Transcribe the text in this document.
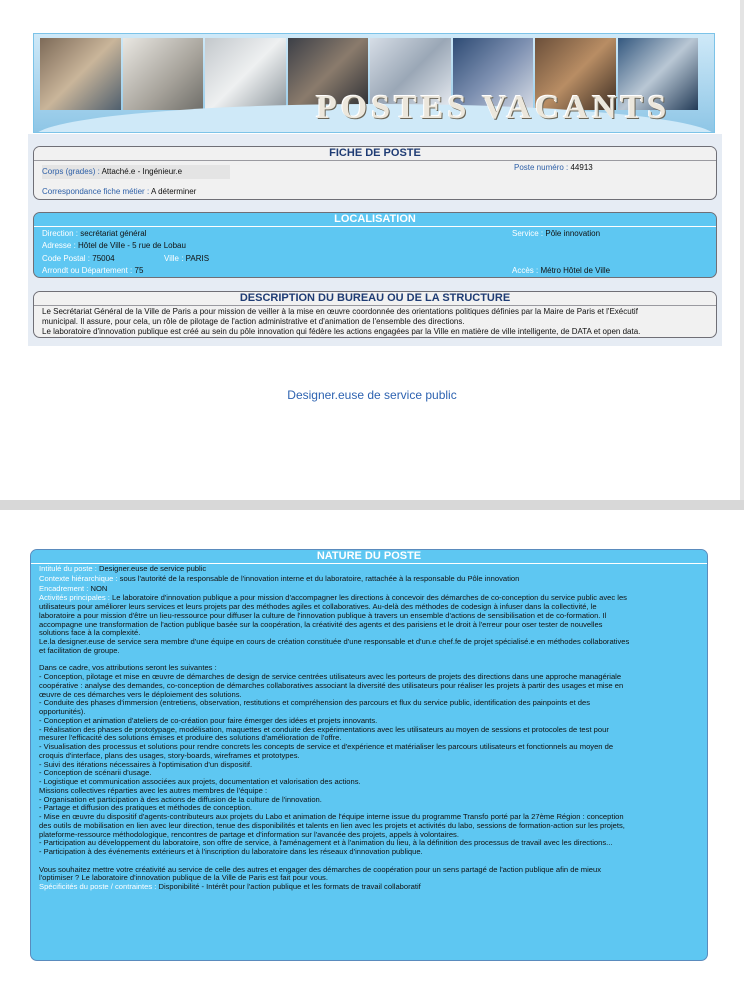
FICHE DE POSTE
Corps (grades) : Attaché.e - Ingénieur.e	Poste numéro : 44913
Correspondance fiche métier : A déterminer
LOCALISATION
Direction : secrétariat général	Service : Pôle innovation
Adresse : Hôtel de Ville - 5 rue de Lobau
Code Postal : 75004	Ville : PARIS
Arrondt ou Département : 75	Accès : Métro Hôtel de Ville
DESCRIPTION DU BUREAU OU DE LA STRUCTURE
Le Secrétariat Général de la Ville de Paris a pour mission de veiller à la mise en œuvre coordonnée des orientations politiques définies par la Maire de Paris et l'Exécutif
municipal. Il assure, pour cela, un rôle de pilotage de l'action administrative et d'animation de l'ensemble des directions.
Le laboratoire d'innovation publique est créé au sein du pôle innovation qui fédère les actions engagées par la Ville en matière de ville intelligente, de DATA et open data.
POSTES VACANTS
Designer.euse de service public
NATURE DU POSTE

Intitulé du poste : Designer.euse de service public

Contexte hiérarchique : sous l'autorité de la responsable de l'innovation interne et du laboratoire, rattachée à la responsable du Pôle innovation

Encadrement : NON

Activités principales : Le laboratoire d'innovation publique a pour mission d'accompagner les directions à concevoir des démarches de co-conception du service public avec les

utilisateurs pour améliorer leurs services et leurs projets par des méthodes agiles et collaboratives. Au-delà des méthodes de codesign à infuser dans la collectivité, le
laboratoire a pour mission d'être un lieu-ressource pour diffuser la culture de l'innovation publique à travers un ensemble d'actions de sensibilisation et de co-formation. Il
accompagne une transformation de l'action publique basée sur la coopération, la créativité des agents et des parisiens et le droit à l'erreur pour oser tester de nouvelles
solutions face à la complexité.
Le.la designer.euse de service sera membre d'une équipe en cours de création constituée d'une responsable et d'un.e chef.fe de projet spécialisé.e en méthodes collaboratives
et facilitation de groupe.

Dans ce cadre, vos attributions seront les suivantes :
- Conception, pilotage et mise en œuvre de démarches de design de service centrées utilisateurs avec les porteurs de projets des directions dans une approche managériale
coopérative : analyse des demandes, co-conception de démarches collaboratives associant la diversité des utilisateurs pour réaliser les projets à partir des usages et mise en
œuvre de ces démarches vers le déploiement des solutions.
- Conduite des phases d'immersion (entretiens, observation, restitutions et compréhension des parcours et flux du service public, identification des painpoints et des
opportunités).
- Conception et animation d'ateliers de co-création pour faire émerger des idées et projets innovants.
- Réalisation des phases de prototypage, modélisation, maquettes et conduite des expérimentations avec les utilisateurs au moyen de sessions et protocoles de test pour
mesurer l'efficacité des solutions émises et produire des solutions d'amélioration de l'offre.
- Visualisation des processus et solutions pour rendre concrets les concepts de service et d'expérience et matérialiser les parcours utilisateurs et fonctionnels au moyen de
croquis d'interface, plans des usages, story-boards, wireframes et prototypes.
- Suivi des itérations nécessaires à l'optimisation d'un dispositif.
- Conception de scénarii d'usage.
- Logistique et communication associées aux projets, documentation et valorisation des actions.
Missions collectives réparties avec les autres membres de l'équipe :
- Organisation et participation à des actions de diffusion de la culture de l'innovation.
- Partage et diffusion des pratiques et méthodes de conception.
- Mise en œuvre du dispositif d'agents-contributeurs aux projets du Labo et animation de l'équipe interne issue du programme Transfo porté par la 27ème Région : conception
des outils de mobilisation en lien avec leur direction, tenue des disponibilités et talents en lien avec les projets et activités du labo, sessions de formation-action sur les projets,
plateforme-ressource méthodologique, rencontres de partage et d'information sur l'avancée des projets, appels à volontaires.
- Participation au développement du laboratoire, son offre de service, à l'aménagement et à l'animation du lieu, à la définition des processus de travail avec les directions...
- Participation à des événements extérieurs et à l'inscription du laboratoire dans les réseaux d'innovation publique.

Vous souhaitez mettre votre créativité au service de celle des autres et engager des démarches de coopération pour un sens partagé de l'action publique afin de mieux
l'optimiser ? Le laboratoire d'innovation publique de la Ville de Paris est fait pour vous.

Spécificités du poste / contraintes : Disponibilité - Intérêt pour l'action publique et les formats de travail collaboratif
